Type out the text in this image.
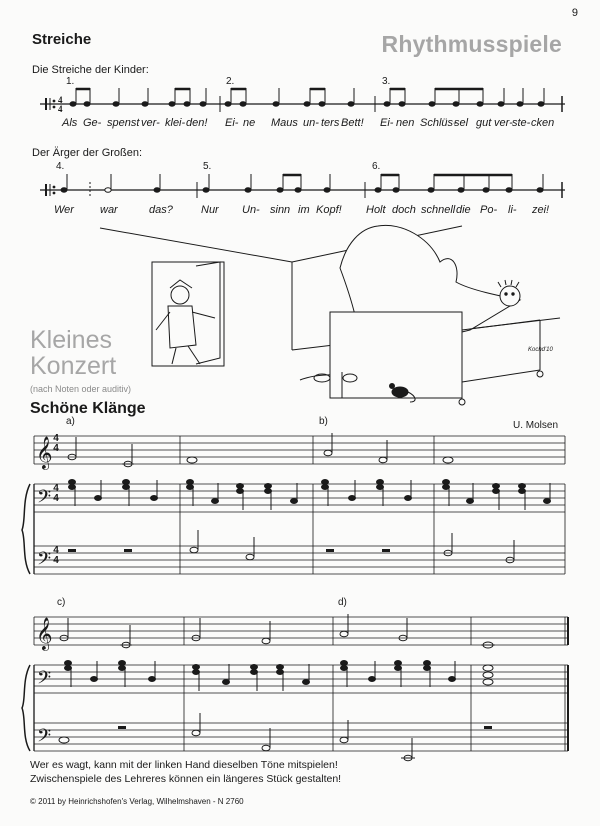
9
Streiche	Rhythmusspiele
Die Streiche der Kinder:
1.	2.	3.
Als Ge- spenst ver- klei- den! Ei- ne Maus un- ters Bett! Ei- nen Schlüs-
sel gut ver- ste- cken
Der Ärger der Großen:
4.	5.	6.
Wer war	das?	Nur Un- sinn im Kopf! Holt doch schnell die Po- li- zei!
Kleines
Konzert
(nach Noten oder auditiv)
Schöne Klänge
U. Molsen
a)	b)
c)	d)
4
4
4
4
4
4
Wer es wagt, kann mit der linken Hand dieselben Töne mitspielen!
Zwischenspiele des Lehreres können ein längeres Stück gestalten!
© 2011 by Heinrichshofen's Verlag, Wilhelmshaven - N 2760
Kochd'10
4
4
𝄞
𝄢
𝄢
𝄞
𝄢
𝄢
